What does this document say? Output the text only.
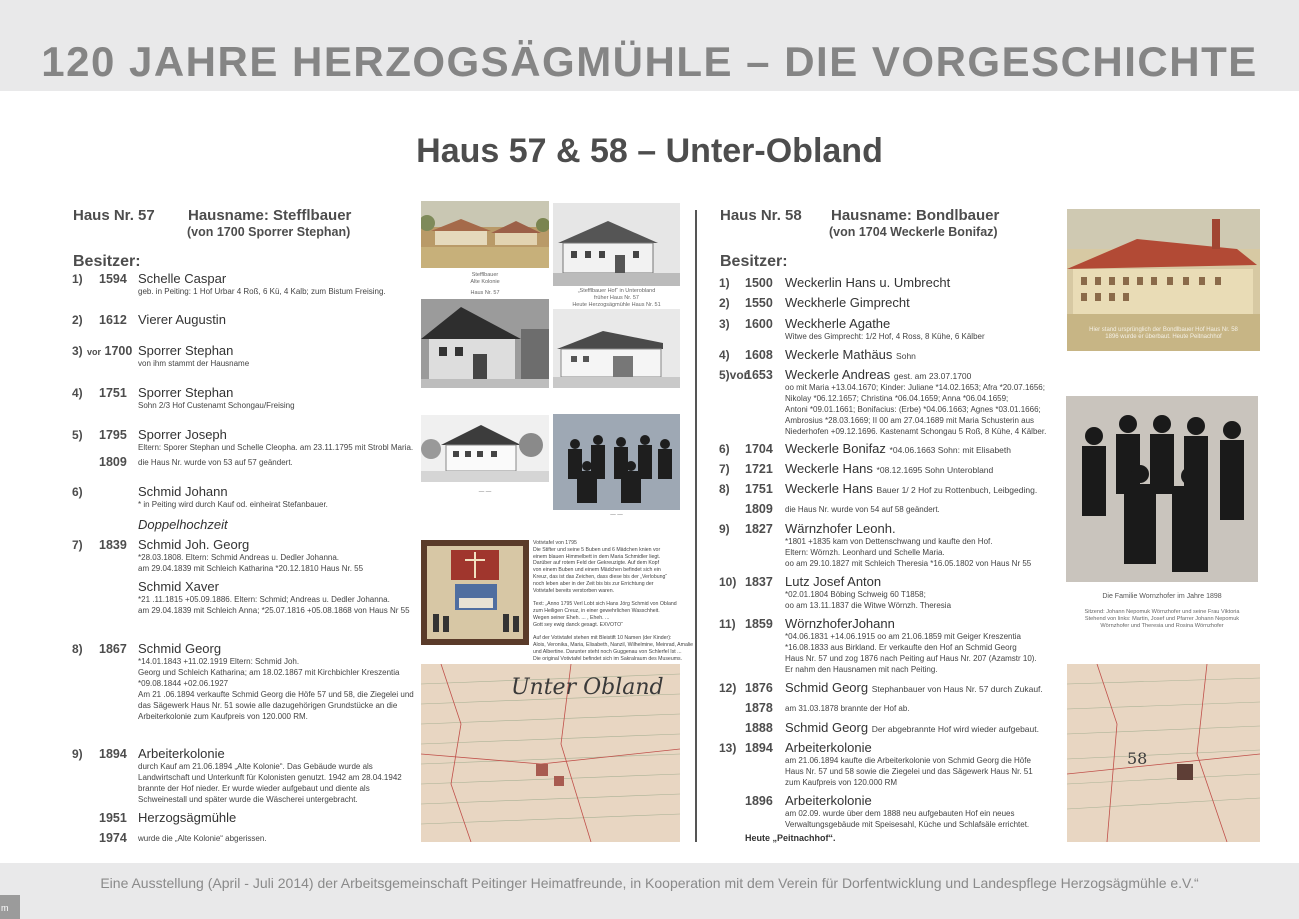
120 JAHRE HERZOGSÄGMÜHLE – DIE VORGESCHICHTE
Haus 57 & 58 – Unter-Obland
Haus Nr. 57 Hausname: Stefflbauer
(von 1700 Sporrer Stephan)
Besitzer:
1) 1594 Schelle Caspar
geb. in Peiting: 1 Hof Urbar 4 Roß, 6 Kü, 4 Kalb; zum Bistum Freising.
2) 1612 Vierer Augustin
3) vor 1700 Sporrer Stephan
von ihm stammt der Hausname
4) 1751 Sporrer Stephan
Sohn 2/3 Hof Custenamt Schongau/Freising
5) 1795 Sporrer Joseph
Eltern: Sporer Stephan und Schelle Cleopha. am 23.11.1795 mit Strobl Maria.
1809 die Haus Nr. wurde von 53 auf 57 geändert.
6)	Schmid Johann
* in Peiting wird durch Kauf od. einheirat Stefanbauer.
Doppelhochzeit
7) 1839 Schmid Joh. Georg
*28.03.1808. Eltern: Schmid Andreas u. Dedler Johanna.
am 29.04.1839 mit Schleich Katharina *20.12.1810 Haus Nr. 55
Schmid Xaver
*21 .11.1815 +05.09.1886. Eltern: Schmid; Andreas u. Dedler Johanna.
am 29.04.1839 mit Schleich Anna; *25.07.1816 +05.08.1868 von Haus Nr 55
8) 1867 Schmid Georg
*14.01.1843 +11.02.1919 Eltern: Schmid Joh.
Georg und Schleich Katharina; am 18.02.1867 mit Kirchbichler Kreszentia
*09.08.1844 +02.06.1927
Am 21 .06.1894 verkaufte Schmid Georg die Höfe 57 und 58, die Ziegelei und
das Sägewerk Haus Nr. 51 sowie alle dazugehörigen Grundstücke an die
Arbeiterkolonie zum Kaufpreis von 120.000 RM.
9) 1894 Arbeiterkolonie
durch Kauf am 21.06.1894 „Alte Kolonie“. Das Gebäude wurde als
Landwirtschaft und Unterkunft für Kolonisten genutzt. 1942 am 28.04.1942
brannte der Hof nieder. Er wurde wieder aufgebaut und diente als
Schweinestall und später wurde die Wäscherei untergebracht.
1951 Herzogsägmühle
1974 wurde die „Alte Kolonie“ abgerissen.
Haus Nr. 58 Hausname: Bondlbauer
(von 1704 Weckerle Bonifaz)
Besitzer:
1) 1500 Weckerlin Hans u. Umbrecht
2) 1550 Weckherle Gimprecht
3) 1600 Weckherle Agathe
Witwe des Gimprecht: 1/2 Hof, 4 Ross, 8 Kühe, 6 Kälber
4) 1608 Weckerle Mathäus Sohn
5)vor
1653 Weckerle Andreas gest. am 23.07.1700
oo mit Maria +13.04.1670; Kinder: Juliane *14.02.1653; Afra *20.07.1656;
Nikolay *06.12.1657; Christina *06.04.1659; Anna *06.04.1659;
Antoni *09.01.1661; Bonifacius: (Erbe) *04.06.1663; Agnes *03.01.1666;
Ambrosius *28.03.1669; II 00 am 27.04.1689 mit Maria Schusterin aus
Niederhofen +09.12.1696. Kastenamt Schongau 5 Roß, 8 Kühe, 4 Kälber.
6) 1704 Weckerle Bonifaz *04.06.1663 Sohn: mit Elisabeth
7) 1721 Weckerle Hans *08.12.1695 Sohn Unterobland
8) 1751 Weckerle Hans Bauer 1/ 2 Hof zu Rottenbuch, Leibgeding.
1809 die Haus Nr. wurde von 54 auf 58 geändert.
9) 1827 Wärnzhofer Leonh.
*1801 +1835 kam von Dettenschwang und kaufte den Hof.
Eltern: Wörnzh. Leonhard und Schelle Maria.
oo am 29.10.1827 mit Schleich Theresia *16.05.1802 von Haus Nr 55
10) 1837 Lutz Josef Anton
*02.01.1804 Böbing Schweig 60 T1858;
oo am 13.11.1837 die Witwe Wörnzh. Theresia
11) 1859 WörnzhoferJohann
*04.06.1831 +14.06.1915 oo am 21.06.1859 mit Geiger Kreszentia
*16.08.1833 aus Birkland. Er verkaufte den Hof an Schmid Georg
Haus Nr. 57 und zog 1876 nach Peiting auf Haus Nr. 207 (Azamstr 10).
Er nahm den Hausnamen mit nach Peiting.
12) 1876 Schmid Georg Stephanbauer von Haus Nr. 57 durch Zukauf.
1878 am 31.03.1878 brannte der Hof ab.
1888 Schmid Georg Der abgebrannte Hof wird wieder aufgebaut.
13) 1894 Arbeiterkolonie
am 21.06.1894 kaufte die Arbeiterkolonie von Schmid Georg die Höfe
Haus Nr. 57 und 58 sowie die Ziegelei und das Sägewerk Haus Nr. 51
zum Kaufpreis von 120.000 RM
1896 Arbeiterkolonie
am 02.09. wurde über dem 1888 neu aufgebauten Hof ein neues
Verwaltungsgebäude mit Speisesahl, Küche und Schlafsäle errichtet.
Heute „Peitnachhof“.
Stefflbauer
Alte Kolonie
Haus Nr. 57	„Stefflbauer Hof“ in Unterobland
früher Haus Nr. 57
Heute Herzogsägmühle Haus Nr. 51
— —
— —
Votivtafel von 1795
Die Stifter und seine 5 Buben und 6 Mädchen knien vor
einem blauen Himmelbett in dem Maria Schmidler liegt.
Darüber auf rotem Feld der Gekreuzigte. Auf dem Kopf
von einem Buben und einem Mädchen befindet sich ein
Kreuz, das ist das Zeichen, dass diese bis der „Verlobung“
noch leben aber in der Zeit bis bis zur Errichtung der
Votivtafel bereits verstorben waren.

Text: „Anno 1795 Verl Lobt sich Hans Jörg Schmid von Obland
zum Heiligen Creuz, in einer gewehrlichen Wasschheit.
Wegen seiner Eheh. ... , Eheh. ...
Gott sey ewig danck gesagt. EXVOTO“

Auf der Votivtafel stehen mit Bleistift 10 Namen (der Kinder):
Alois, Veronika, Maria, Elisabeth, Nanzil, Wilhelmine, Meinrad, Amalie
und Albertine. Darunter steht noch Guggenau von Schlerfel Ist ...
Die original Votivtafel befindet sich im Sakralraum des Museums.
Unter Obland
Hier stand ursprünglich der Bondlbauer Hof Haus Nr. 58
1896 wurde er überbaut. Heute Peitnachhof
Die Familie Wornzhofer im Jahre 1898
Sitzend: Johann Nepomuk Wörnzhofer und seine Frau Viktoria
Stehend von links: Martin, Josef und Pfarrer Johann Nepomuk
Wörnzhofer und Theresia und Rosina Wörnzhofer
58
Eine Ausstellung (April - Juli 2014) der Arbeitsgemeinschaft Peitinger Heimatfreunde, in Kooperation mit dem Verein für Dorfentwicklung und Landespflege Herzogsägmühle e.V.“
m
